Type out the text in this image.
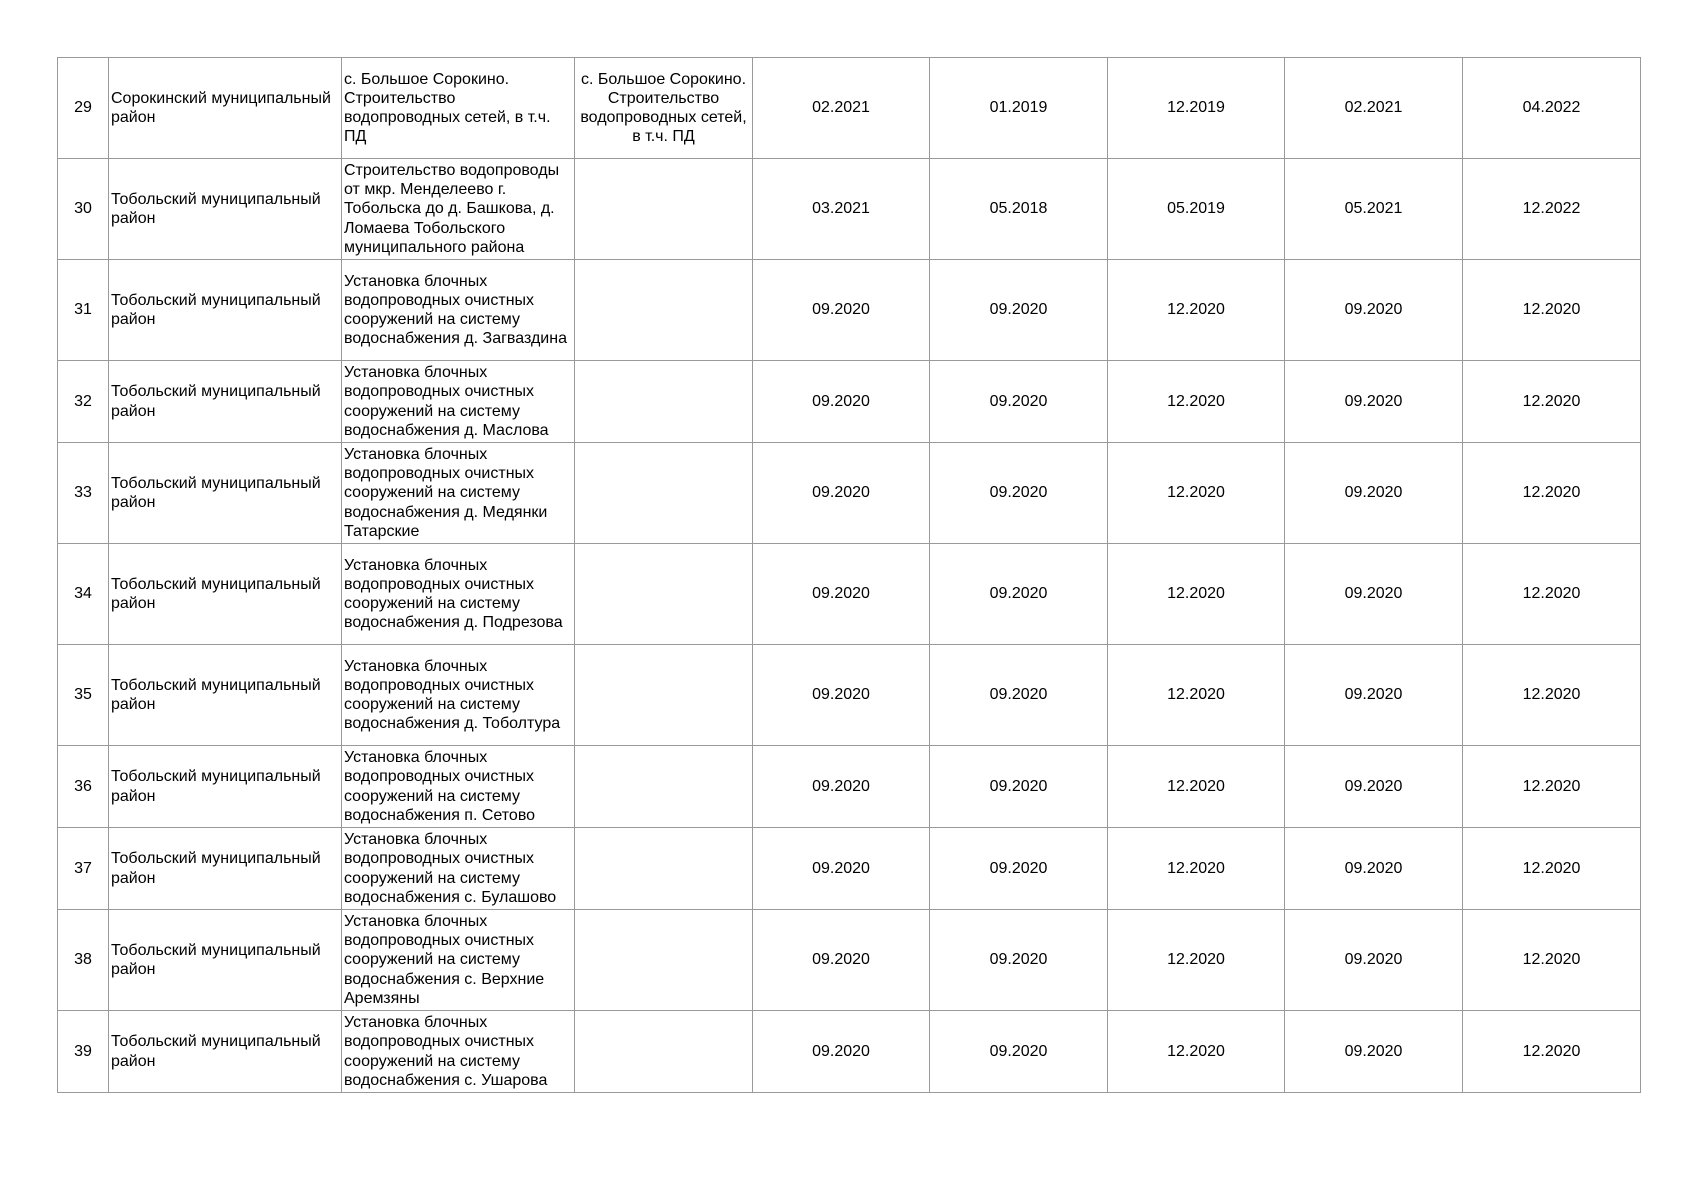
29	Сорокинский муниципальный район	с. Большое Сорокино. Строительство водопроводных сетей, в т.ч. ПД	с. Большое Сорокино. Строительство водопроводных сетей, в т.ч. ПД	02.2021	01.2019	12.2019	02.2021	04.2022

30	Тобольский муниципальный район	Строительство водопроводы от мкр. Менделеево г. Тобольска до д. Башкова, д. Ломаева Тобольского муниципального района		03.2021	05.2018	05.2019	05.2021	12.2022

31	Тобольский муниципальный район	Установка блочных водопроводных очистных сооружений на систему водоснабжения д. Загваздина		09.2020	09.2020	12.2020	09.2020	12.2020

32	Тобольский муниципальный район	Установка блочных водопроводных очистных сооружений на систему водоснабжения д. Маслова		09.2020	09.2020	12.2020	09.2020	12.2020

33	Тобольский муниципальный район	Установка блочных водопроводных очистных сооружений на систему водоснабжения д. Медянки Татарские		09.2020	09.2020	12.2020	09.2020	12.2020

34	Тобольский муниципальный район	Установка блочных водопроводных очистных сооружений на систему водоснабжения д. Подрезова		09.2020	09.2020	12.2020	09.2020	12.2020

35	Тобольский муниципальный район	Установка блочных водопроводных очистных сооружений на систему водоснабжения д. Тоболтура		09.2020	09.2020	12.2020	09.2020	12.2020

36	Тобольский муниципальный район	Установка блочных водопроводных очистных сооружений на систему водоснабжения п. Сетово		09.2020	09.2020	12.2020	09.2020	12.2020

37	Тобольский муниципальный район	Установка блочных водопроводных очистных сооружений на систему водоснабжения с. Булашово		09.2020	09.2020	12.2020	09.2020	12.2020

38	Тобольский муниципальный район	Установка блочных водопроводных очистных сооружений на систему водоснабжения с. Верхние Аремзяны		09.2020	09.2020	12.2020	09.2020	12.2020

39	Тобольский муниципальный район	Установка блочных водопроводных очистных сооружений на систему водоснабжения с. Ушарова		09.2020	09.2020	12.2020	09.2020	12.2020
